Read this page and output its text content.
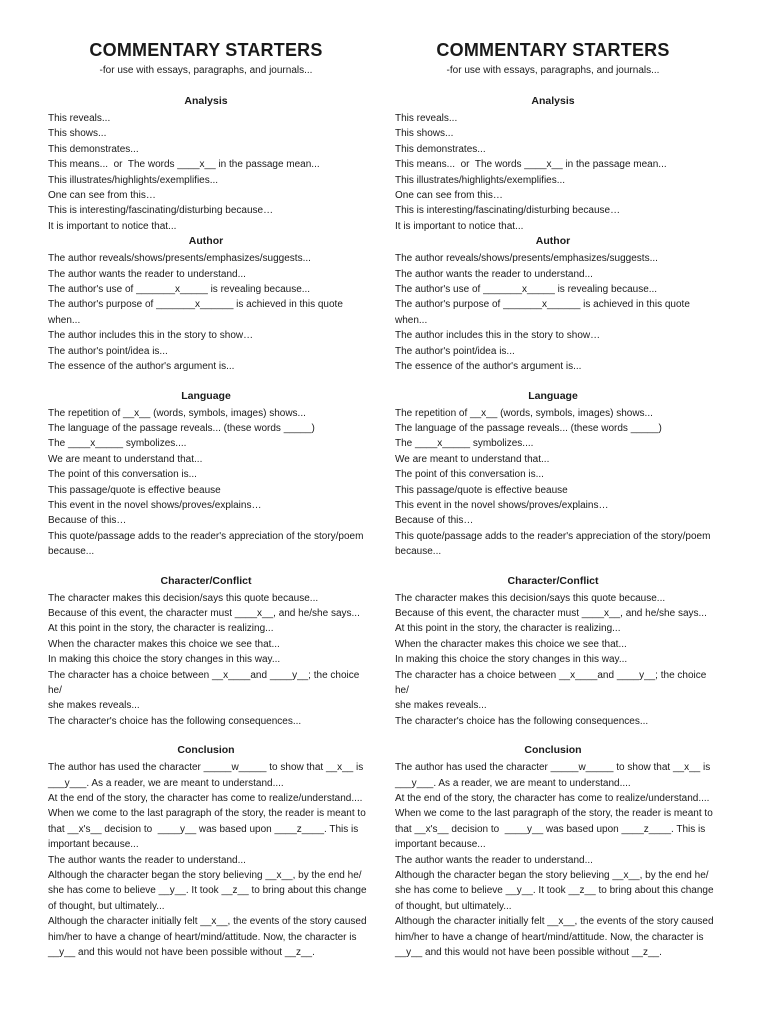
COMMENTARY STARTERS
-for use with essays, paragraphs, and journals...
Analysis
This reveals...
This shows...
This demonstrates...
This means...  or  The words ____x__ in the passage mean...
This illustrates/highlights/exemplifies...
One can see from this…
This is interesting/fascinating/disturbing because…
It is important to notice that...
Author
The author reveals/shows/presents/emphasizes/suggests...
The author wants the reader to understand...
The author's use of _______x_____ is revealing because...
The author's purpose of _______x______ is achieved in this quote when...
The author includes this in the story to show…
The author's point/idea is...
The essence of the author's argument is...
Language
The repetition of __x__ (words, symbols, images) shows...
The language of the passage reveals... (these words _____)
The ____x_____ symbolizes....
We are meant to understand that...
The point of this conversation is...
This passage/quote is effective beause
This event in the novel shows/proves/explains…
Because of this…
This quote/passage adds to the reader's appreciation of the story/poem
because...
Character/Conflict
The character makes this decision/says this quote because...
Because of this event, the character must ____x__, and he/she says...
At this point in the story, the character is realizing...
When the character makes this choice we see that...
In making this choice the story changes in this way...
The character has a choice between __x____and ____y__; the choice he/
she makes reveals...
The character's choice has the following consequences...
Conclusion
The author has used the character _____w_____ to show that __x__ is
___y___. As a reader, we are meant to understand....
At the end of the story, the character has come to realize/understand....
When we come to the last paragraph of the story, the reader is meant to
that __x's__ decision to  ____y__ was based upon ____z____. This is
important because...
The author wants the reader to understand...
Although the character began the story believing __x__, by the end he/
she has come to believe __y__. It took __z__ to bring about this change
of thought, but ultimately...
Although the character initially felt __x__, the events of the story caused
him/her to have a change of heart/mind/attitude. Now, the character is
__y__ and this would not have been possible without __z__.
COMMENTARY STARTERS
-for use with essays, paragraphs, and journals...
Analysis
This reveals...
This shows...
This demonstrates...
This means...  or  The words ____x__ in the passage mean...
This illustrates/highlights/exemplifies...
One can see from this…
This is interesting/fascinating/disturbing because…
It is important to notice that...
Author
The author reveals/shows/presents/emphasizes/suggests...
The author wants the reader to understand...
The author's use of _______x_____ is revealing because...
The author's purpose of _______x______ is achieved in this quote when...
The author includes this in the story to show…
The author's point/idea is...
The essence of the author's argument is...
Language
The repetition of __x__ (words, symbols, images) shows...
The language of the passage reveals... (these words _____)
The ____x_____ symbolizes....
We are meant to understand that...
The point of this conversation is...
This passage/quote is effective beause
This event in the novel shows/proves/explains…
Because of this…
This quote/passage adds to the reader's appreciation of the story/poem
because...
Character/Conflict
The character makes this decision/says this quote because...
Because of this event, the character must ____x__, and he/she says...
At this point in the story, the character is realizing...
When the character makes this choice we see that...
In making this choice the story changes in this way...
The character has a choice between __x____and ____y__; the choice he/
she makes reveals...
The character's choice has the following consequences...
Conclusion
The author has used the character _____w_____ to show that __x__ is
___y___. As a reader, we are meant to understand....
At the end of the story, the character has come to realize/understand....
When we come to the last paragraph of the story, the reader is meant to
that __x's__ decision to  ____y__ was based upon ____z____. This is
important because...
The author wants the reader to understand...
Although the character began the story believing __x__, by the end he/
she has come to believe __y__. It took __z__ to bring about this change
of thought, but ultimately...
Although the character initially felt __x__, the events of the story caused
him/her to have a change of heart/mind/attitude. Now, the character is
__y__ and this would not have been possible without __z__.
